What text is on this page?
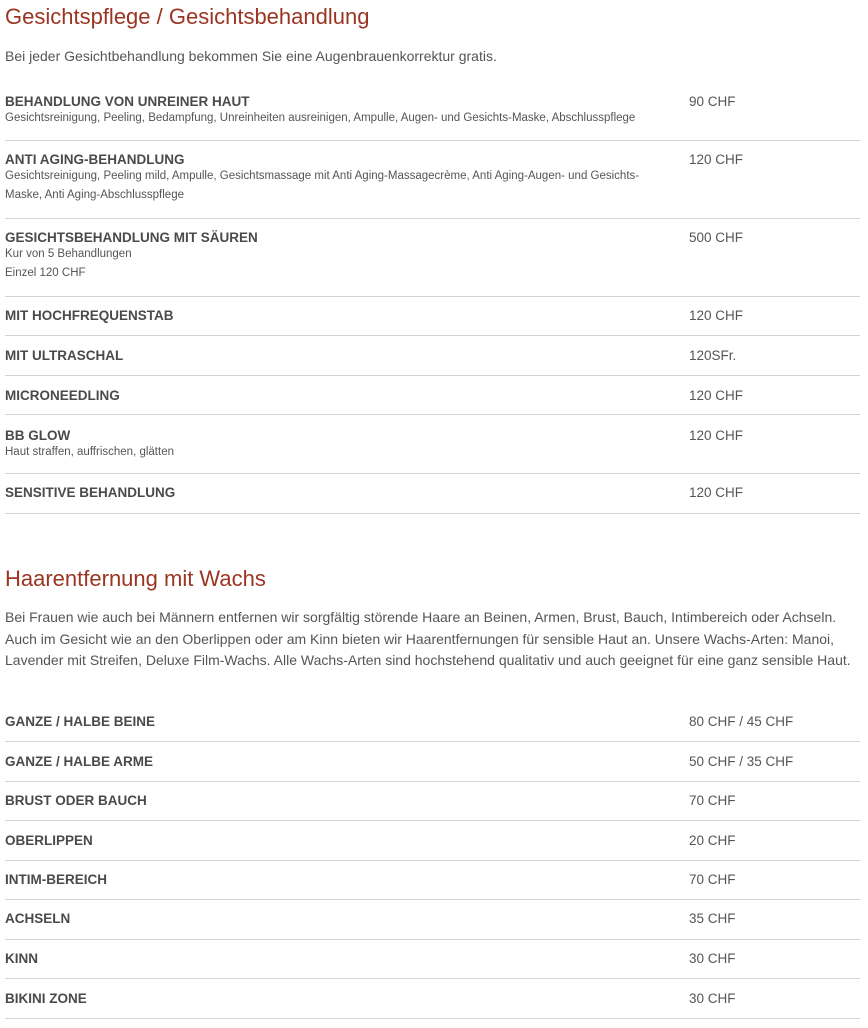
Gesichtspflege / Gesichtsbehandlung

Bei jeder Gesichtbehandlung bekommen Sie eine Augenbrauenkorrektur gratis.

BEHANDLUNG VON UNREINER HAUT
Gesichtsreinigung, Peeling, Bedampfung, Unreinheiten ausreinigen, Ampulle, Augen- und Gesichts-Maske, Abschlusspflege
90 CHF
ANTI AGING-BEHANDLUNG
Gesichtsreinigung, Peeling mild, Ampulle, Gesichtsmassage mit Anti Aging-Massagecrème, Anti Aging-Augen- und Gesichts-
Maske, Anti Aging-Abschlusspflege
120 CHF
GESICHTSBEHANDLUNG MIT SÄUREN
Kur von 5 Behandlungen
Einzel 120 CHF
500 CHF
MIT HOCHFREQUENSTAB	120 CHF
MIT ULTRASCHAL	120SFr.
MICRONEEDLING	120 CHF
BB GLOW
Haut straffen, auffrischen, glätten
120 CHF
SENSITIVE BEHANDLUNG	120 CHF
Haarentfernung mit Wachs

Bei Frauen wie auch bei Männern entfernen wir sorgfältig störende Haare an Beinen, Armen, Brust, Bauch, Intimbereich oder Achseln. Auch im Gesicht wie an den Oberlippen oder am Kinn bieten wir Haarentfernungen für sensible Haut an. Unsere Wachs-Arten: Manoi, Lavender mit Streifen, Deluxe Film-Wachs. Alle Wachs-Arten sind hochstehend qualitativ und auch geeignet für eine ganz sensible Haut.

GANZE / HALBE BEINE	80 CHF / 45 CHF
GANZE / HALBE ARME	50 CHF / 35 CHF
BRUST ODER BAUCH	70 CHF
OBERLIPPEN	20 CHF
INTIM-BEREICH	70 CHF
ACHSELN	35 CHF
KINN	30 CHF
BIKINI ZONE	30 CHF
